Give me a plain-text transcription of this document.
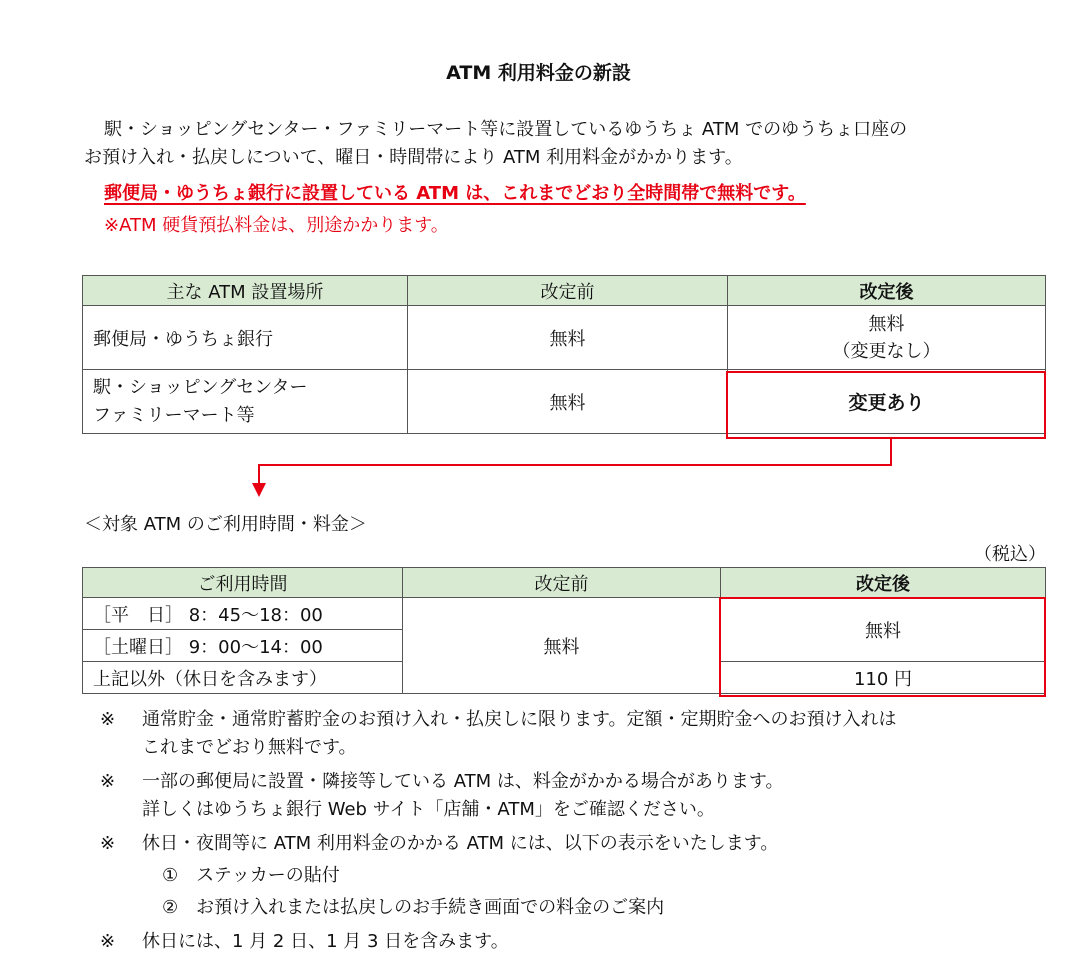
ATM 利用料金の新設
駅・ショッピングセンター・ファミリーマート等に設置しているゆうちょ ATM でのゆうちょ口座の
お預け入れ・払戻しについて、曜日・時間帯により ATM 利用料金がかかります。
郵便局・ゆうちょ銀行に設置している ATM は、これまでどおり全時間帯で無料です。
※ATM 硬貨預払料金は、別途かかります。
主な ATM 設置場所	改定前	改定後
郵便局・ゆうちょ銀行	無料	無料
（変更なし）

駅・ショッピングセンター
ファミリーマート等	無料	変更あり
＜対象 ATM のご利用時間・料金＞
（税込）
ご利用時間	改定前	改定後
［平　日］ 8：45～18：00	無料	無料
［土曜日］ 9：00～14：00		
上記以外（休日を含みます）		110 円
※ 通常貯金・通常貯蓄貯金のお預け入れ・払戻しに限ります。定額・定期貯金へのお預け入れは
これまでどおり無料です。
※ 一部の郵便局に設置・隣接等している ATM は、料金がかかる場合があります。
詳しくはゆうちょ銀行 Web サイト「店舗・ATM」をご確認ください。
※ 休日・夜間等に ATM 利用料金のかかる ATM には、以下の表示をいたします。
①　ステッカーの貼付
②　お預け入れまたは払戻しのお手続き画面での料金のご案内
※ 休日には、1 月 2 日、1 月 3 日を含みます。
